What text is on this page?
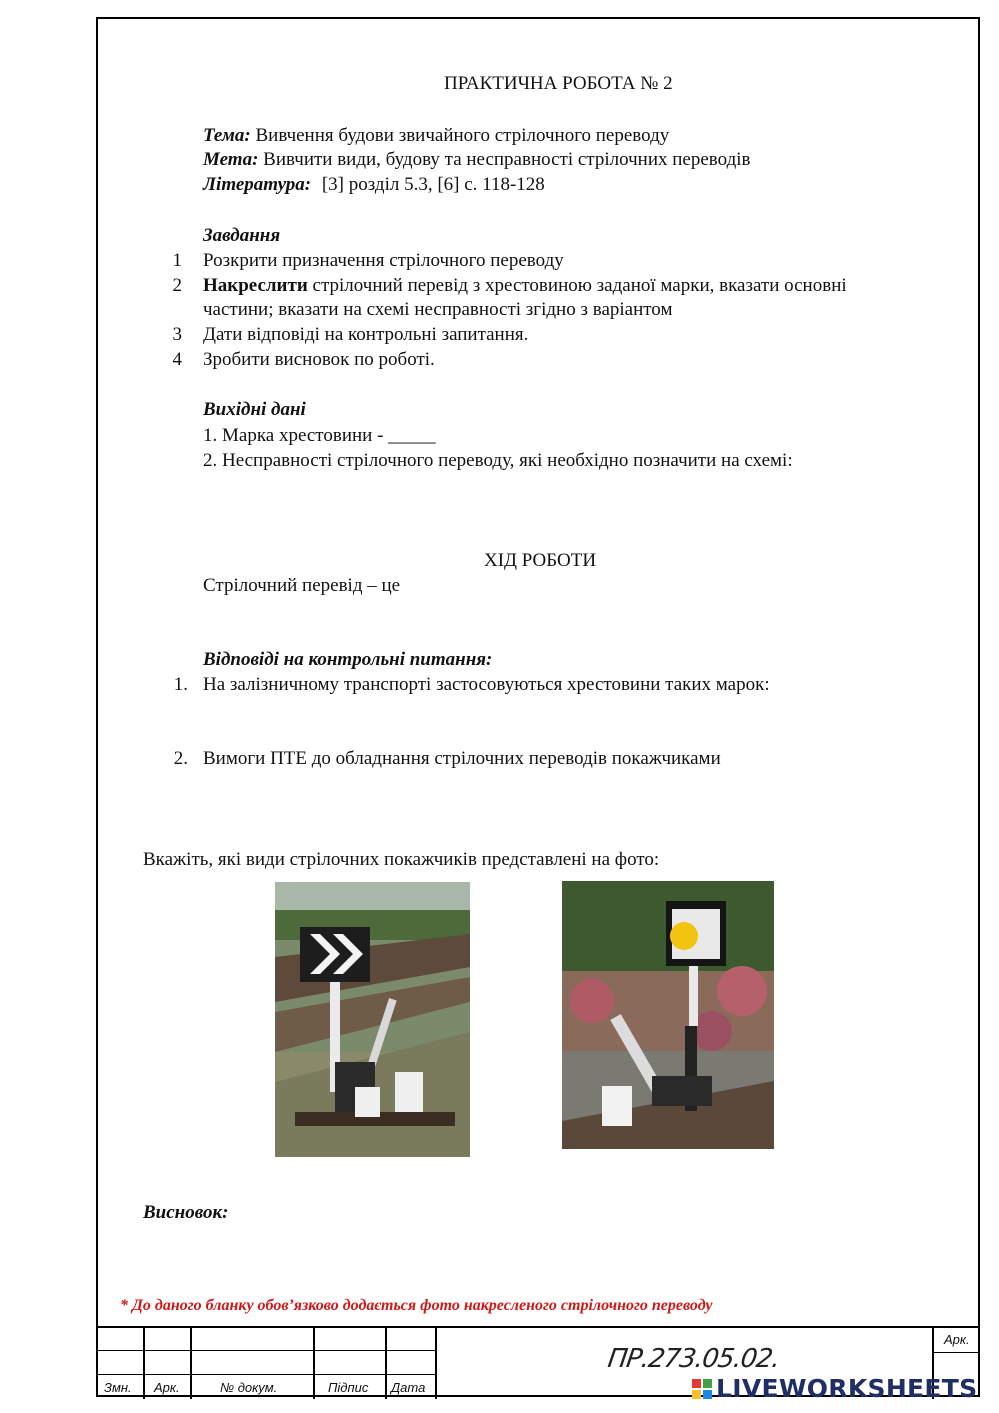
ПРАКТИЧНА РОБОТА № 2
Тема: Вивчення будови звичайного стрілочного переводу
Мета: Вивчити види, будову та несправності стрілочних переводів
Література: [3] розділ 5.3, [6] с. 118-128
Завдання
1 Розкрити призначення стрілочного переводу
2 Накреслити стрілочний перевід з хрестовиною заданої марки, вказати основні
частини; вказати на схемі несправності згідно з варіантом
3 Дати відповіді на контрольні запитання.
4 Зробити висновок по роботі.
Вихідні дані
1. Марка хрестовини - _____
2. Несправності стрілочного переводу, які необхідно позначити на схемі:
ХІД РОБОТИ
Стрілочний перевід – це
Відповіді на контрольні питання:
1. На залізничному транспорті застосовуються хрестовини таких марок:
2. Вимоги ПТЕ до обладнання стрілочних переводів покажчиками
Вкажіть, які види стрілочних покажчиків представлені на фото:
Висновок:
* До даного бланку обов’язково додається фото накресленого стрілочного переводу
Змн. Арк.	№ докум.	Підпис Дата
Арк.
ПР.273.05.02.
LIVEWORKSHEETS
